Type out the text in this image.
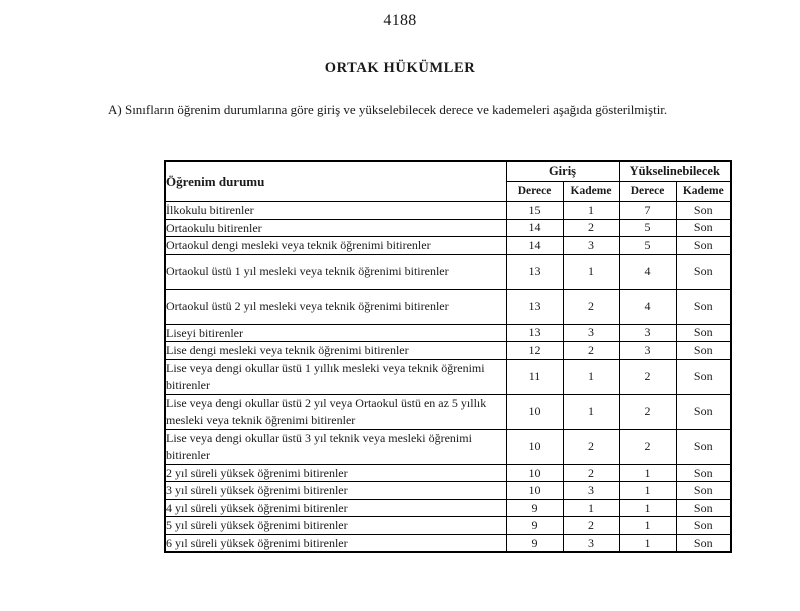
4188
ORTAK HÜKÜMLER

A) Sınıfların öğrenim durumlarına göre giriş ve yükselebilecek derece ve kademeleri aşağıda gösterilmiştir.

Öğrenim durumu	Giriş		Yükselinebilecek	
	Derece	Kademe	Derece	Kademe
İlkokulu bitirenler	15	1	7	Son
Ortaokulu bitirenler	14	2	5	Son
Ortaokul dengi mesleki veya teknik öğrenimi bitirenler	14	3	5	Son
Ortaokul üstü 1 yıl mesleki veya teknik öğrenimi bitirenler	13	1	4	Son
Ortaokul üstü 2 yıl mesleki veya teknik öğrenimi bitirenler	13	2	4	Son
Liseyi bitirenler	13	3	3	Son
Lise dengi mesleki veya teknik öğrenimi bitirenler	12	2	3	Son
Lise veya dengi okullar üstü 1 yıllık mesleki veya teknik öğrenimi bitirenler	11	1	2	Son
Lise veya dengi okullar üstü 2 yıl veya Ortaokul üstü en az 5 yıllık mesleki veya teknik öğrenimi bitirenler	10	1	2	Son
Lise veya dengi okullar üstü 3 yıl teknik veya mesleki öğrenimi bitirenler	10	2	2	Son
2 yıl süreli yüksek öğrenimi bitirenler	10	2	1	Son
3 yıl süreli yüksek öğrenimi bitirenler	10	3	1	Son
4 yıl süreli yüksek öğrenimi bitirenler	9	1	1	Son
5 yıl süreli yüksek öğrenimi bitirenler	9	2	1	Son
6 yıl süreli yüksek öğrenimi bitirenler	9	3	1	Son
